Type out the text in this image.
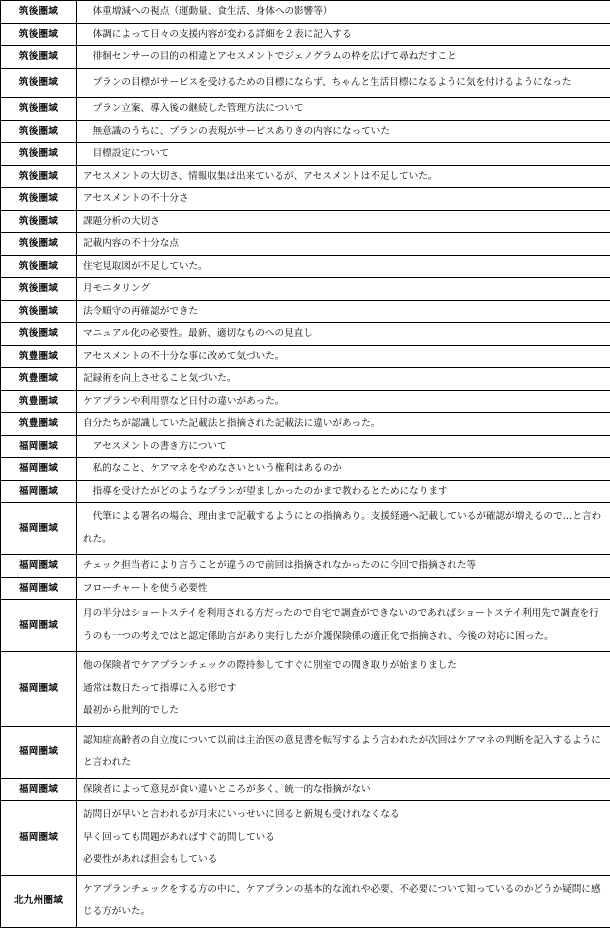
筑後圏域	体重増減への視点（運動量、食生活、身体への影響等）
筑後圏域	体調によって日々の支援内容が変わる詳細を２表に記入する
筑後圏域	徘徊センサーの目的の相違とアセスメントでジェノグラムの枠を広げて尋ねだすこと
筑後圏域	プランの目標がサービスを受けるための目標にならず、ちゃんと生活目標になるように気を付けるようになった
筑後圏域	プラン立案、導入後の継続した管理方法について
筑後圏域	無意識のうちに、プランの表現がサービスありきの内容になっていた
筑後圏域	目標設定について
筑後圏域	アセスメントの大切さ、情報収集は出来ているが、アセスメントは不足していた。
筑後圏域	アセスメントの不十分さ
筑後圏域	課題分析の大切さ
筑後圏域	記載内容の不十分な点
筑後圏域	住宅見取図が不足していた。
筑後圏域	月モニタリング
筑後圏域	法令順守の再確認ができた
筑後圏域	マニュアル化の必要性。最新、適切なものへの見直し
筑豊圏域	アセスメントの不十分な事に改めて気づいた。
筑豊圏域	記録術を向上させること気づいた。
筑豊圏域	ケアプランや利用票など日付の違いがあった。
筑豊圏域	自分たちが認識していた記載法と指摘された記載法に違いがあった。
福岡圏域	アセスメントの書き方について
福岡圏域	私的なこと、ケアマネをやめなさいという権利はあるのか
福岡圏域	指導を受けたがどのようなプランが望ましかったのかまで教わるとためになります
福岡圏域	代筆による署名の場合、理由まで記載するようにとの指摘あり。支援経過へ記載しているが確認が増えるので…と言われた。
福岡圏域	チェック担当者により言うことが違うので前回は指摘されなかったのに今回で指摘された等
福岡圏域	フローチャートを使う必要性
福岡圏域	月の半分はショートステイを利用される方だったので自宅で調査ができないのであればショートステイ利用先で調査を行うのも一つの考えではと認定係助言があり実行したが介護保険係の適正化で指摘され、今後の対応に困った。
福岡圏域	他の保険者でケアプランチェックの際持参してすぐに別室での聞き取りが始まりました
通常は数日たって指導に入る形です
最初から批判的でした

福岡圏域	認知症高齢者の自立度について以前は主治医の意見書を転写するよう言われたが次回はケアマネの判断を記入するようにと言われた
福岡圏域	保険者によって意見が食い違いところが多く、統一的な指摘がない
福岡圏域	訪問日が早いと言われるが月末にいっせいに回ると新規も受けれなくなる
早く回っても問題があればすぐ訪問している
必要性があれば担会もしている

北九州圏域	ケアプランチェックをする方の中に、ケアプランの基本的な流れや必要、不必要について知っているのかどうか疑問に感じる方がいた。
